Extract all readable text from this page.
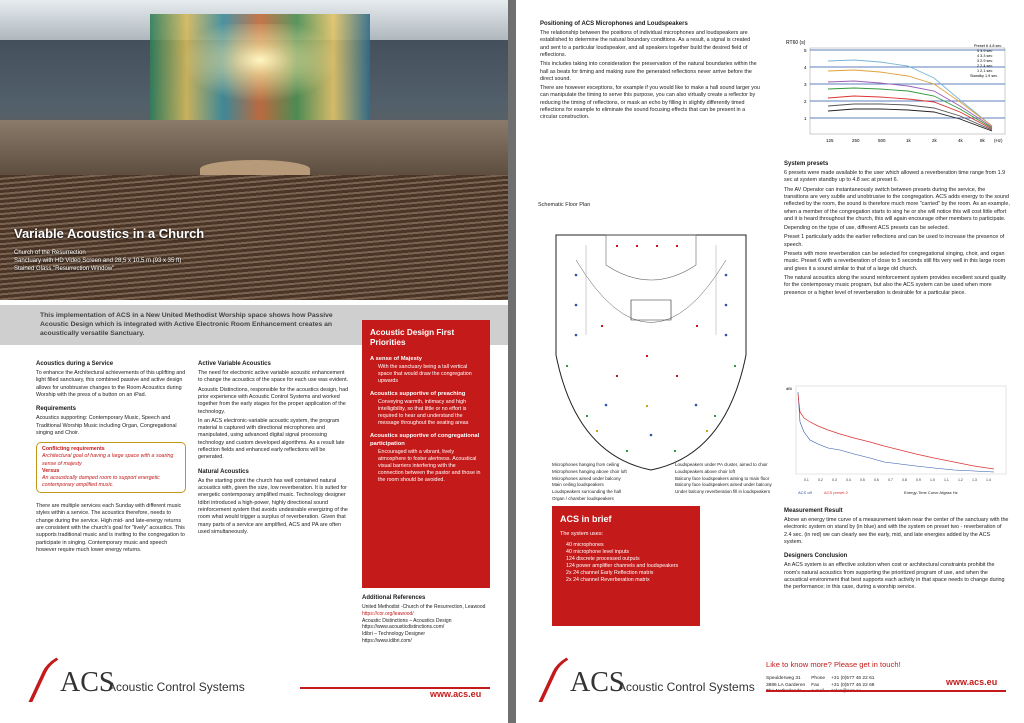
Variable Acoustics in a Church
Church of the Resurrection
Sanctuary with HD Video Screen and 28,5 x 10,5 m (93 x 35 ft)
Stained Glass "Resurrection Window"
This implementation of ACS in a New United Methodist Worship space shows how Passive Acoustic Design which is integrated with Active Electronic Room Enhancement creates an acoustically versatile Sanctuary.
Acoustics during a Service

To enhance the Architectural achievements of this uplifting and light filled sanctuary, this combined passive and active design allows for unobtrusive changes to the Room Acoustics during Worship with the press of a button on an iPad.

Requirements

Acoustics supporting: Contemporary Music, Speech and Traditional Worship Music including Organ, Congregational singing and Choir.

Conflicting requirements
Architectural goal of having a large space with a soaring sense of majesty
Versus
An acoustically damped room to support energetic contemporary amplified music.

There are multiple services each Sunday with different music styles within a service. The acoustics therefore, needs to change during the service. High mid- and late-energy returns are consistent with the church's goal for "lively" acoustics. This supports traditional music and is inviting to the congregation to participate in singing. Contemporary music and speech however require much lower energy returns.

Active Variable Acoustics

The need for electronic active variable acoustic enhancement to change the acoustics of the space for each use was evident.

Acoustic Distinctions, responsible for the acoustics design, had prior experience with Acoustic Control Systems and worked together from the early stages for the proper application of the technology.

In an ACS electronic-variable acoustic system, the program material is captured with directional microphones and manipulated, using advanced digital signal processing technology and custom developed algorithms. As a result late reflection fields and enhanced early reflections will be generated.

Natural Acoustics

As the starting point the church has well contained natural acoustics with, given the size, low reverberation. It is suited for energetic contemporary amplified music. Technology designer Idibri introduced a high-power, highly directional sound reinforcement system that avoids undesirable energizing of the room what would trigger a surplus of reverberation. Given that many parts of a service are amplified, ACS and PA are often used simultaneously.

Acoustic Design First Priorities
A sense of Majesty
With the sanctuary being a tall vertical space that would draw the congregation upwards
Acoustics supportive of preaching
Conveying warmth, intimacy and high intelligibility, so that little or no effort is required to hear and understand the message throughout the seating areas
Acoustics supportive of congregational participation
Encouraged with a vibrant, lively atmosphere to foster alertness. Acoustical visual barriers interfering with the connection between the pastor and those in the room should be avoided.
Additional References
United Methodist -Church of the Resurrection, Leawood
https://cor.org/leawood/
Acoustic Distinctions – Acoustics Design
https://www.acousticdistinctions.com/
Idibri – Technology Designer
https://www.idibri.com/
ACS
Acoustic Control Systems	www.acs.eu
Positioning of ACS Microphones and Loudspeakers

The relationship between the positions of individual microphones and loudspeakers are established to determine the natural boundary conditions. As a result, a signal is created and sent to a particular loudspeaker, and all speakers together build the desired field of reflections.

This includes taking into consideration the preservation of the natural boundaries within the hall as beats for timing and making sure the generated reflections never arrive before the direct sound.

There are however exceptions, for example if you would like to make a hall sound larger you can manipulate the timing to serve this purpose, you can also virtually create a reflector by reducing the timing of reflections, or mask an echo by filling in slightly differently timed reflections for example to eliminate the sound focusing effects that can be present in a circular construction.

Schematic Floor Plan
Microphones hanging from ceiling
Microphones hanging above choir loft
Microphones aimed under balcony
Main ceiling loudspeakers
Loudspeakers surrounding the hall
Organ / chamber loudspeakers
Loudspeakers under PA cluster, aimed to choir
Loudspeakers above choir loft
Balcony face loudspeakers aiming to main floor
Balcony face loudspeakers aimed under balcony
Under balcony reverberation fill in loudspeakers
ACS in brief
The system uses:
40 microphones
40 microphone level inputs
124 discrete processed outputs
124 power amplifier channels and loudspeakers
2x 24 channel Early Reflection matrix
2x 24 channel Reverberation matrix
RT60 (s)
1
2
3
4
5
125	250	500	1k	2k	4k	8k (Hz)
Preset 6 4.8 sec
5 3.9 sec
4 3.3 sec
3 2.9 sec
2 2.4 sec
1 2.1 sec
Standby 1.9 sec
System presets

6 presets were made available to the user which allowed a reverberation time range from 1.9 sec at system standby up to 4.8 sec at preset 6.

The AV Operator can instantaneously switch between presets during the service, the transitions are very subtle and unobtrusive to the congregation. ACS adds energy to the sound reflected by the room, the sound is therefore much more "carried" by the room. As an example, when a member of the congregation starts to sing he or she will notice this will cost little effort and it is heard throughout the church, this will again encourage other members to participate.

Depending on the type of use, different ACS presets can be selected.

Preset 1 particularly adds the earlier reflections and can be used to increase the presence of speech.

Presets with more reverberation can be selected for congregational singing, choir, and organ music. Preset 6 with a reverberation of close to 5 seconds still fits very well in this large room and gives it a sound similar to that of a large old church.

The natural acoustics along the sound reinforcement system provides excellent sound quality for the contemporary music program, but also the ACS system can be used when more presence or a higher level of reverberation is desirable for a particular piece.

dBi
0.1	0.2	0.3	0.4	0.5	0.6	0.7	0.8	0.9	1.0	1.1	1.2	1.3	1.4
ACS off	ACS preset 2	Energy-Time Curve Afgass Hz
Measurement Result

Above an energy time curve of a measurement taken near the center of the sanctuary with the electronic system on stand by (in blue) and with the system on preset two - reverberation of 2.4 sec. (in red) we can clearly see the early, mid, and late energies added by the ACS system.

Designers Conclusion

An ACS system is an effective solution when cost or architectural constraints prohibit the room's natural acoustics from supporting the prioritized program of use, and when the acoustical environment that best supports each activity in that space needs to change during the performance; in this case, during a worship service.

ACS
Acoustic Control Systems
Like to know more? Please get in touch!
Speulderweg 31	Phone	+31 (0)577 46 22 61
3886 LA Garderen	Fax	+31 (0)577 46 22 68
			www.acs.eu
